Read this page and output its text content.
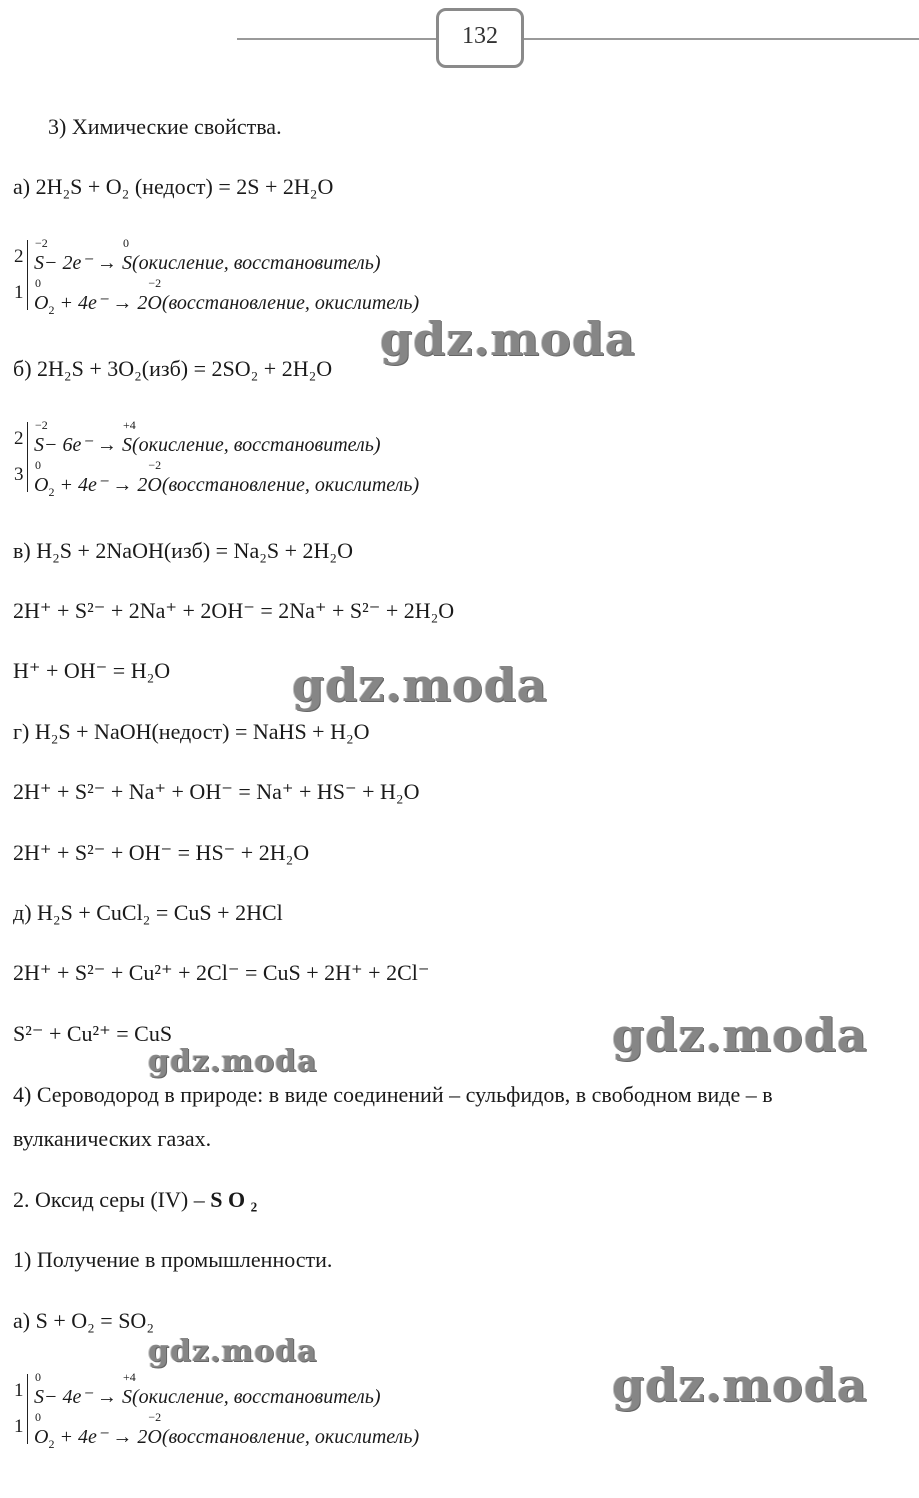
132
3) Химические свойства.
а) 2H₂S + O₂ (недост) = 2S + 2H₂O
2
1
−2
S− 2e⁻ →
0
S(окисление, восстановитель)
0
$O_2 + 4e^- \to 2$
−2
O(восстановление, окислитель)
б) 2H₂S + 3O₂(изб) = 2SO₂ + 2H₂O
2
3
−2
S− 6e⁻ →
+4
S(окисление, восстановитель)
0
$O_2 + 4e^- \to 2$
−2
O(восстановление, окислитель)
в) H₂S + 2NaOH(изб) = Na₂S + 2H₂O
2H⁺ + S²⁻ + 2Na⁺ + 2OH⁻ = 2Na⁺ + S²⁻ + 2H₂O
H⁺ + OH⁻ = H₂O
г) H₂S + NaOH(недост) = NaHS + H₂O
2H⁺ + S²⁻ + Na⁺ + OH⁻ = Na⁺ + HS⁻ + H₂O
2H⁺ + S²⁻ + OH⁻ = HS⁻ + 2H₂O
д) H₂S + CuCl₂ = CuS + 2HCl
2H⁺ + S²⁻ + Cu²⁺ + 2Cl⁻ = CuS + 2H⁺ + 2Cl⁻
S²⁻ + Cu²⁺ = CuS
4) Сероводород в природе: в виде соединений – сульфидов, в свободном виде – в
вулканических газах.
2. Оксид серы (IV) – S O ₂
1) Получение в промышленности.
а) S + O₂ = SO₂
1
1
0
S− 4e⁻ →
+4
S(окисление, восстановитель)
0
$O_2 + 4e^- \to 2$
−2
O(восстановление, окислитель)
gdz.moda
gdz.moda
gdz.moda
gdz.moda
gdz.moda
gdz.moda
